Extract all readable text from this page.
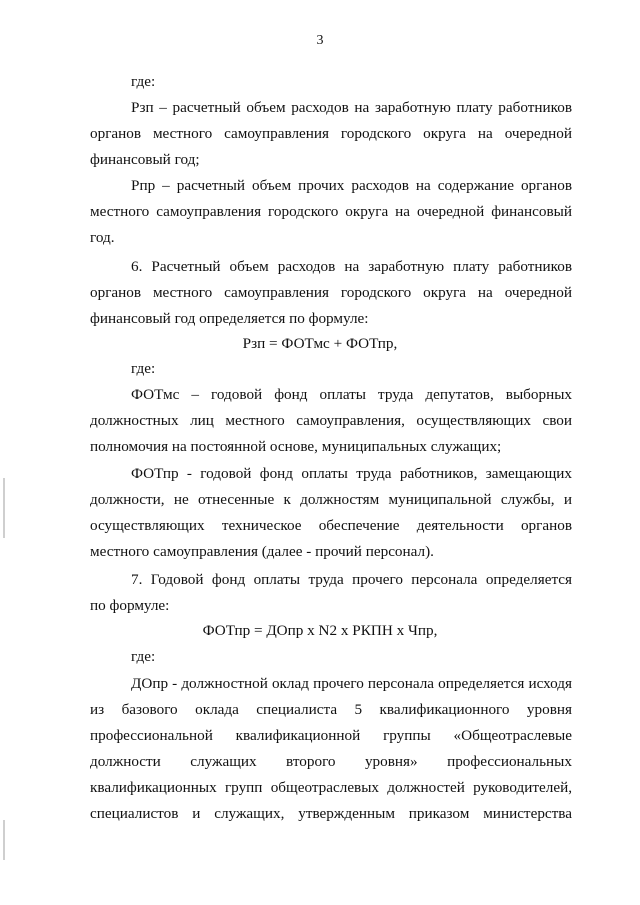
3
где:
Рзп – расчетный объем расходов на заработную плату работников
органов местного самоуправления городского округа на очередной
финансовый год;
Рпр – расчетный объем прочих расходов на содержание органов
местного самоуправления городского округа на очередной финансовый
год.
6. Расчетный объем расходов на заработную плату работников
органов местного самоуправления городского округа на очередной
финансовый год определяется по формуле:
Рзп = ФОТмс + ФОТпр,
где:
ФОТмс – годовой фонд оплаты труда депутатов, выборных
должностных лиц местного самоуправления, осуществляющих свои
полномочия на постоянной основе, муниципальных служащих;
ФОТпр - годовой фонд оплаты труда работников, замещающих
должности, не отнесенные к должностям муниципальной службы, и
осуществляющих техническое обеспечение деятельности органов
местного самоуправления (далее - прочий персонал).
7. Годовой фонд оплаты труда прочего персонала определяется
по формуле:
ФОТпр = ДОпр x N2 x РКПН x Чпр,
где:
ДОпр - должностной оклад прочего персонала определяется исходя
из базового оклада специалиста 5 квалификационного уровня
профессиональной квалификационной группы «Общеотраслевые
должности служащих второго уровня» профессиональных
квалификационных групп общеотраслевых должностей руководителей,
специалистов и служащих, утвержденным приказом министерства
